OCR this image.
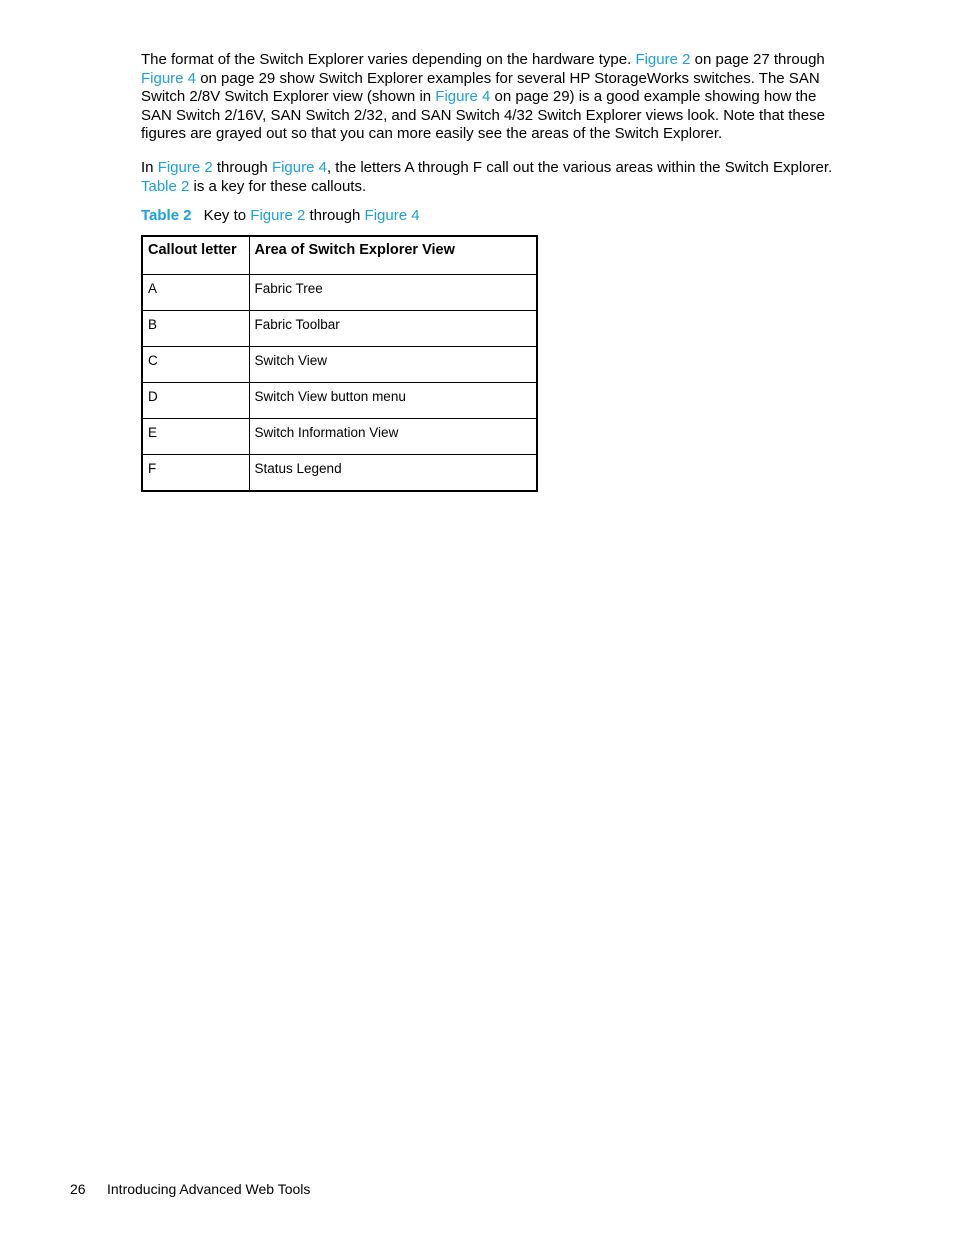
The format of the Switch Explorer varies depending on the hardware type. Figure 2 on page 27 through Figure 4 on page 29 show Switch Explorer examples for several HP StorageWorks switches. The SAN Switch 2/8V Switch Explorer view (shown in Figure 4 on page 29) is a good example showing how the SAN Switch 2/16V, SAN Switch 2/32, and SAN Switch 4/32 Switch Explorer views look. Note that these figures are grayed out so that you can more easily see the areas of the Switch Explorer.

In Figure 2 through Figure 4, the letters A through F call out the various areas within the Switch Explorer. Table 2 is a key for these callouts.

Table 2 Key to Figure 2 through Figure 4

Callout letter	Area of Switch Explorer View
A	Fabric Tree
B	Fabric Toolbar
C	Switch View
D	Switch View button menu
E	Switch Information View
F	Status Legend
26 Introducing Advanced Web Tools
